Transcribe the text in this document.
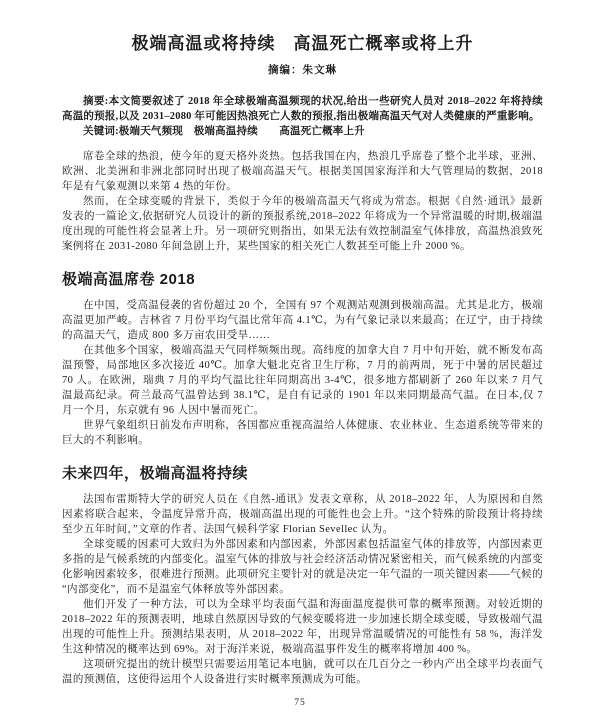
极端高温或将持续　高温死亡概率或将上升
摘编：朱文琳

摘要:本文简要叙述了 2018 年全球极端高温频现的状况,给出一些研究人员对 2018–2022 年将持续高温的预报,以及 2031–2080 年可能因热浪死亡人数的预报,指出极端高温天气对人类健康的严重影响。

关键词:极端天气频现　极端高温持续　　高温死亡概率上升

席卷全球的热浪，使今年的夏天格外炎热。包括我国在内，热浪几乎席卷了整个北半球，亚洲、欧洲、北美洲和非洲北部同时出现了极端高温天气。根据美国国家海洋和大气管理局的数据，2018 年是有气象观测以来第 4 热的年份。

然而，在全球变暖的背景下，类似于今年的极端高温天气将成为常态。根据《自然·通讯》最新发表的一篇论文,依据研究人员设计的新的预报系统,2018–2022 年将成为一个异常温暖的时期,极端温度出现的可能性将会显著上升。另一项研究则指出，如果无法有效控制温室气体排放，高温热浪致死案例将在 2031-2080 年间急剧上升，某些国家的相关死亡人数甚至可能上升 2000 %。

极端高温席卷 2018

在中国，受高温侵袭的省份超过 20 个，全国有 97 个观测站观测到极端高温。尤其是北方，极端高温更加严峻。吉林省 7 月份平均气温比常年高 4.1℃，为有气象记录以来最高；在辽宁，由于持续的高温天气，造成 800 多万亩农田受旱……

在其他多个国家，极端高温天气同样频频出现。高纬度的加拿大自 7 月中旬开始，就不断发布高温预警，局部地区多次接近 40℃。加拿大魁北克省卫生厅称，7 月的前两周，死于中暑的居民超过 70 人。在欧洲，瑞典 7 月的平均气温比往年同期高出 3-4℃，很多地方都刷新了 260 年以来 7 月气温最高纪录。荷兰最高气温曾达到 38.1℃，是自有记录的 1901 年以来同期最高气温。在日本,仅 7 月一个月，东京就有 96 人因中暑而死亡。

世界气象组织日前发布声明称，各国都应重视高温给人体健康、农业林业、生态道系统等带来的巨大的不利影响。

未来四年，极端高温将持续

法国布雷斯特大学的研究人员在《自然-通讯》发表文章称，从 2018–2022 年，人为原因和自然因素将联合起来，令温度异常升高，极端高温出现的可能性也会上升。“这个特殊的阶段预计将持续至少五年时间，”文章的作者、法国气候科学家 Florian Sevellec 认为。

全球变暖的因素可大致归为外部因素和内部因素，外部因素包括温室气体的排放等，内部因素更多指的是气候系统的内部变化。温室气体的排放与社会经济活动情况紧密相关，而气候系统的内部变化影响因素较多，很难进行预测。此项研究主要针对的就是决定一年气温的一项关键因素——气候的“内部变化”，而不是温室气体释放等外部因素。

他们开发了一种方法，可以为全球平均表面气温和海面温度提供可靠的概率预测。对较近期的 2018–2022 年的预测表明，地球自然原因导致的气候变暖将进一步加速长期全球变暖，导致极端气温出现的可能性上升。预测结果表明，从 2018–2022 年，出现异常温暖情况的可能性有 58 %，海洋发生这种情况的概率达到 69%。对于海洋来说，极端高温事件发生的概率将增加 400 %。

这项研究提出的统计模型只需要运用笔记本电脑，就可以在几百分之一秒内产出全球平均表面气温的预测值，这使得运用个人设备进行实时概率预测成为可能。

75
